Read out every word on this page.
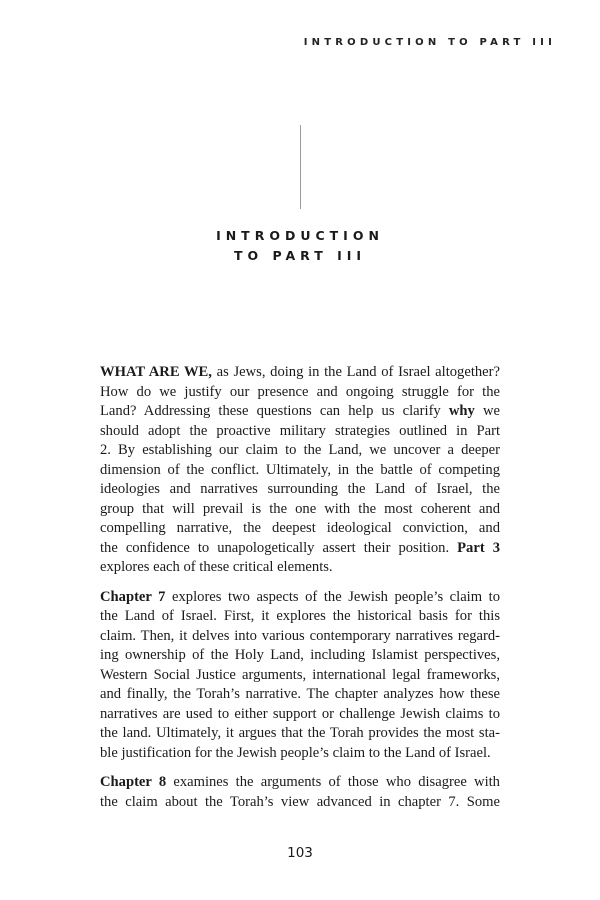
INTRODUCTION TO PART III
INTRODUCTION
TO PART III
WHAT ARE WE, as Jews, doing in the Land of Israel altogether?
How do we justify our presence and ongoing struggle for the
Land? Addressing these questions can help us clarify why we
should adopt the proactive military strategies outlined in Part
2. By establishing our claim to the Land, we uncover a deeper
dimension of the conflict. Ultimately, in the battle of competing
ideologies and narratives surrounding the Land of Israel, the
group that will prevail is the one with the most coherent and
compelling narrative, the deepest ideological conviction, and
the confidence to unapologetically assert their position. Part 3
explores each of these critical elements.
Chapter 7 explores two aspects of the Jewish people’s claim to
the Land of Israel. First, it explores the historical basis for this
claim. Then, it delves into various contemporary narratives regard-
ing ownership of the Holy Land, including Islamist perspectives,
Western Social Justice arguments, international legal frameworks,
and finally, the Torah’s narrative. The chapter analyzes how these
narratives are used to either support or challenge Jewish claims to
the land. Ultimately, it argues that the Torah provides the most sta-
ble justification for the Jewish people’s claim to the Land of Israel.
Chapter 8 examines the arguments of those who disagree with
the claim about the Torah’s view advanced in chapter 7. Some
103
